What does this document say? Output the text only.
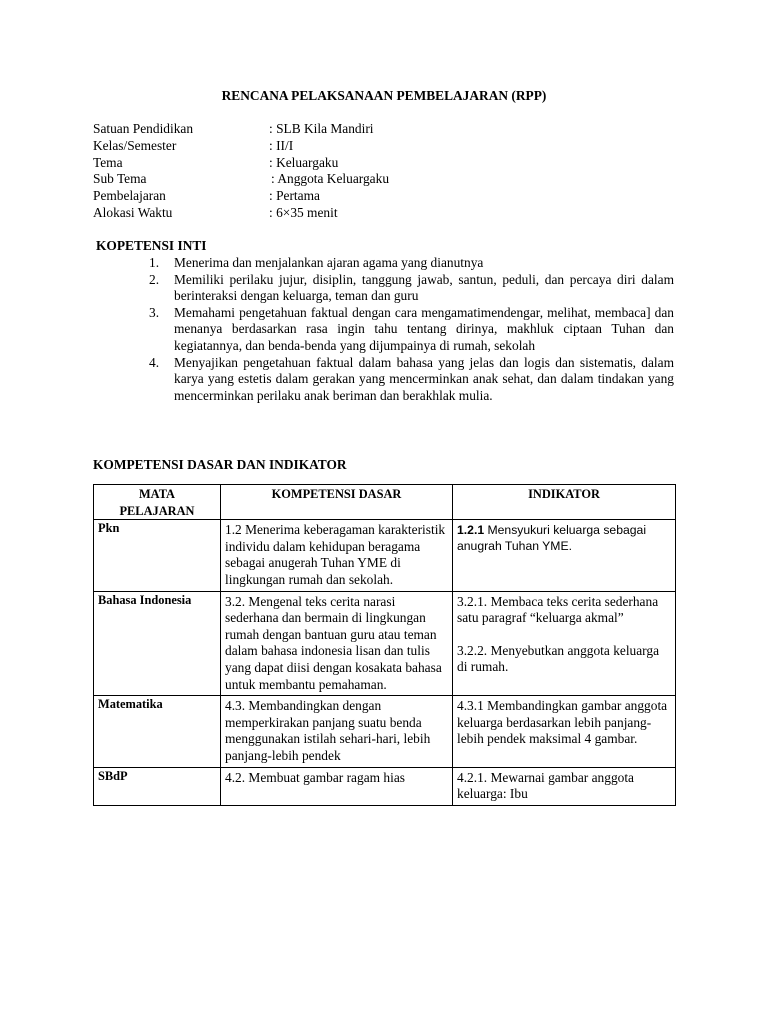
RENCANA PELAKSANAAN PEMBELAJARAN (RPP)
Satuan Pendidikan	: SLB Kila Mandiri
Kelas/Semester	: II/I
Tema	: Keluargaku
Sub Tema	: Anggota Keluargaku
Pembelajaran	: Pertama
Alokasi Waktu	: 6×35 menit
KOPETENSI INTI
1.	Menerima dan menjalankan ajaran agama yang dianutnya
2.	Memiliki perilaku jujur, disiplin, tanggung jawab, santun, peduli, dan percaya diri dalam berinteraksi dengan keluarga, teman dan guru
3.	Memahami pengetahuan faktual dengan cara mengamatimendengar, melihat, membaca] dan menanya berdasarkan rasa ingin tahu tentang dirinya, makhluk ciptaan Tuhan dan kegiatannya, dan benda-benda yang dijumpainya di rumah, sekolah
4.	Menyajikan pengetahuan faktual dalam bahasa yang jelas dan logis dan sistematis, dalam karya yang estetis dalam gerakan yang mencerminkan anak sehat, dan dalam tindakan yang mencerminkan perilaku anak beriman dan berakhlak mulia.
KOMPETENSI DASAR DAN INDIKATOR
MATA
PELAJARAN	KOMPETENSI DASAR	INDIKATOR
Pkn	1.2 Menerima keberagaman karakteristik individu dalam kehidupan beragama sebagai anugerah Tuhan YME di lingkungan rumah dan sekolah.	1.2.1 Mensyukuri keluarga sebagai anugrah Tuhan YME.
Bahasa Indonesia	3.2. Mengenal teks cerita narasi sederhana dan bermain di lingkungan rumah dengan bantuan guru atau teman dalam bahasa indonesia lisan dan tulis yang dapat diisi dengan kosakata bahasa untuk membantu pemahaman.	3.2.1. Membaca teks cerita sederhana satu paragraf “keluarga akmal”
3.2.2. Menyebutkan anggota keluarga di rumah.

Matematika	4.3. Membandingkan dengan memperkirakan panjang suatu benda menggunakan istilah sehari-hari, lebih panjang-lebih pendek	4.3.1 Membandingkan gambar anggota keluarga berdasarkan lebih panjang- lebih pendek maksimal 4 gambar.
SBdP	4.2. Membuat gambar ragam hias	4.2.1. Mewarnai gambar anggota keluarga: Ibu
